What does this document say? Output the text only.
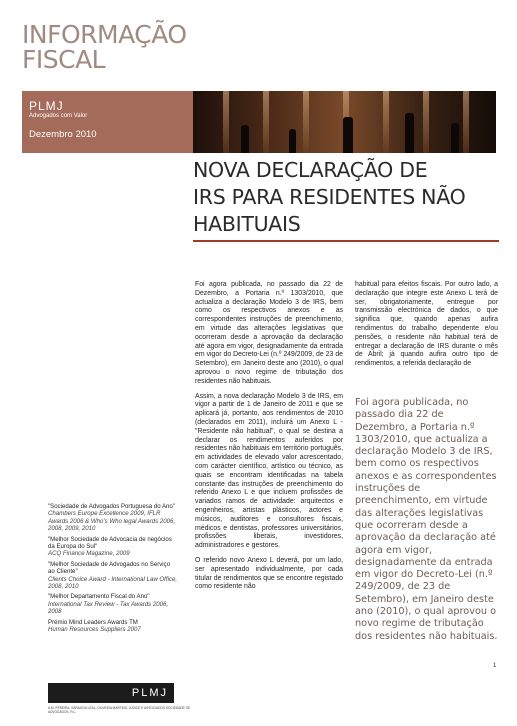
INFORMAÇÃO
FISCAL
PLMJ
Advogados com Valor
Dezembro 2010
NOVA DECLARAÇÃO DE
IRS PARA RESIDENTES NÃO
HABITUAIS

Foi agora publicada, no passado dia 22 de Dezembro, a Portaria n.º 1303/2010, que actualiza a declaração Modelo 3 de IRS, bem como os respectivos anexos e as correspondentes instruções de preenchimento, em virtude das alterações legislativas que ocorreram desde a aprovação da declaração até agora em vigor, designadamente da entrada em vigor do Decreto-Lei (n.º 249/2009, de 23 de Setembro), em Janeiro deste ano (2010), o qual aprovou o novo regime de tributação dos residentes não habituais.

Assim, a nova declaração Modelo 3 de IRS, em vigor a partir de 1 de Janeiro de 2011 e que se aplicará já, portanto, aos rendimentos de 2010 (declarados em 2011), incluirá um Anexo L - "Residente não habitual", o qual se destina a declarar os rendimentos auferidos por residentes não habituais em território português, em actividades de elevado valor acrescentado, com carácter científico, artístico ou técnico, as quais se encontram identificadas na tabela constante das instruções de preenchimento do referido Anexo L e que incluem profissões de variados ramos de actividade: arquitectos e engenheiros, artistas plásticos, actores e músicos, auditores e consultores fiscais, médicos e dentistas, professores universitários, profissões liberais, investidores, administradores e gestores.

O referido novo Anexo L deverá, por um lado, ser apresentado individualmente, por cada titular de rendimentos que se encontre registado como residente não

habitual para efeitos fiscais. Por outro lado, a declaração que integre este Anexo L terá de ser, obrigatoriamente, entregue por transmissão electrónica de dados, o que significa que, quando apenas aufira rendimentos do trabalho dependente e/ou pensões, o residente não habitual terá de entregar a declaração de IRS durante o mês de Abril; já quando aufira outro tipo de rendimentos, a referida declaração de

Foi agora publicada, no passado dia 22 de Dezembro, a Portaria n.º 1303/2010, que actualiza a declaração Modelo 3 de IRS, bem como os respectivos anexos e as correspondentes instruções de preenchimento, em virtude das alterações legislativas que ocorreram desde a aprovação da declaração até agora em vigor, designadamente da entrada em vigor do Decreto-Lei (n.º 249/2009, de 23 de Setembro), em Janeiro deste ano (2010), o qual aprovou o novo regime de tributação dos residentes não habituais.
"Sociedade de Advogados Portuguesa do Ano"
Chambers Europe Excellence 2009, IFLR Awards 2006 & Who's Who legal Awards 2006, 2008, 2009, 2010
"Melhor Sociedade de Advocacia de negócios da Europa do Sul"
ACQ Finance Magazine, 2009
"Melhor Sociedade de Advogados no Serviço ao Cliente"
Clients Choice Award - International Law Office, 2008, 2010
"Melhor Departamento Fiscal do Ano"
International Tax Review - Tax Awards 2006, 2008
Prémio Mind Leaders Awards TM
Human Resources Suppliers 2007
PLMJ
A.M. PEREIRA, SÁRAGGA LEAL, OLIVEIRA MARTINS, JÚDICE E ASSOCIADOS SOCIEDADE DE ADVOGADOS, R.L.
1
